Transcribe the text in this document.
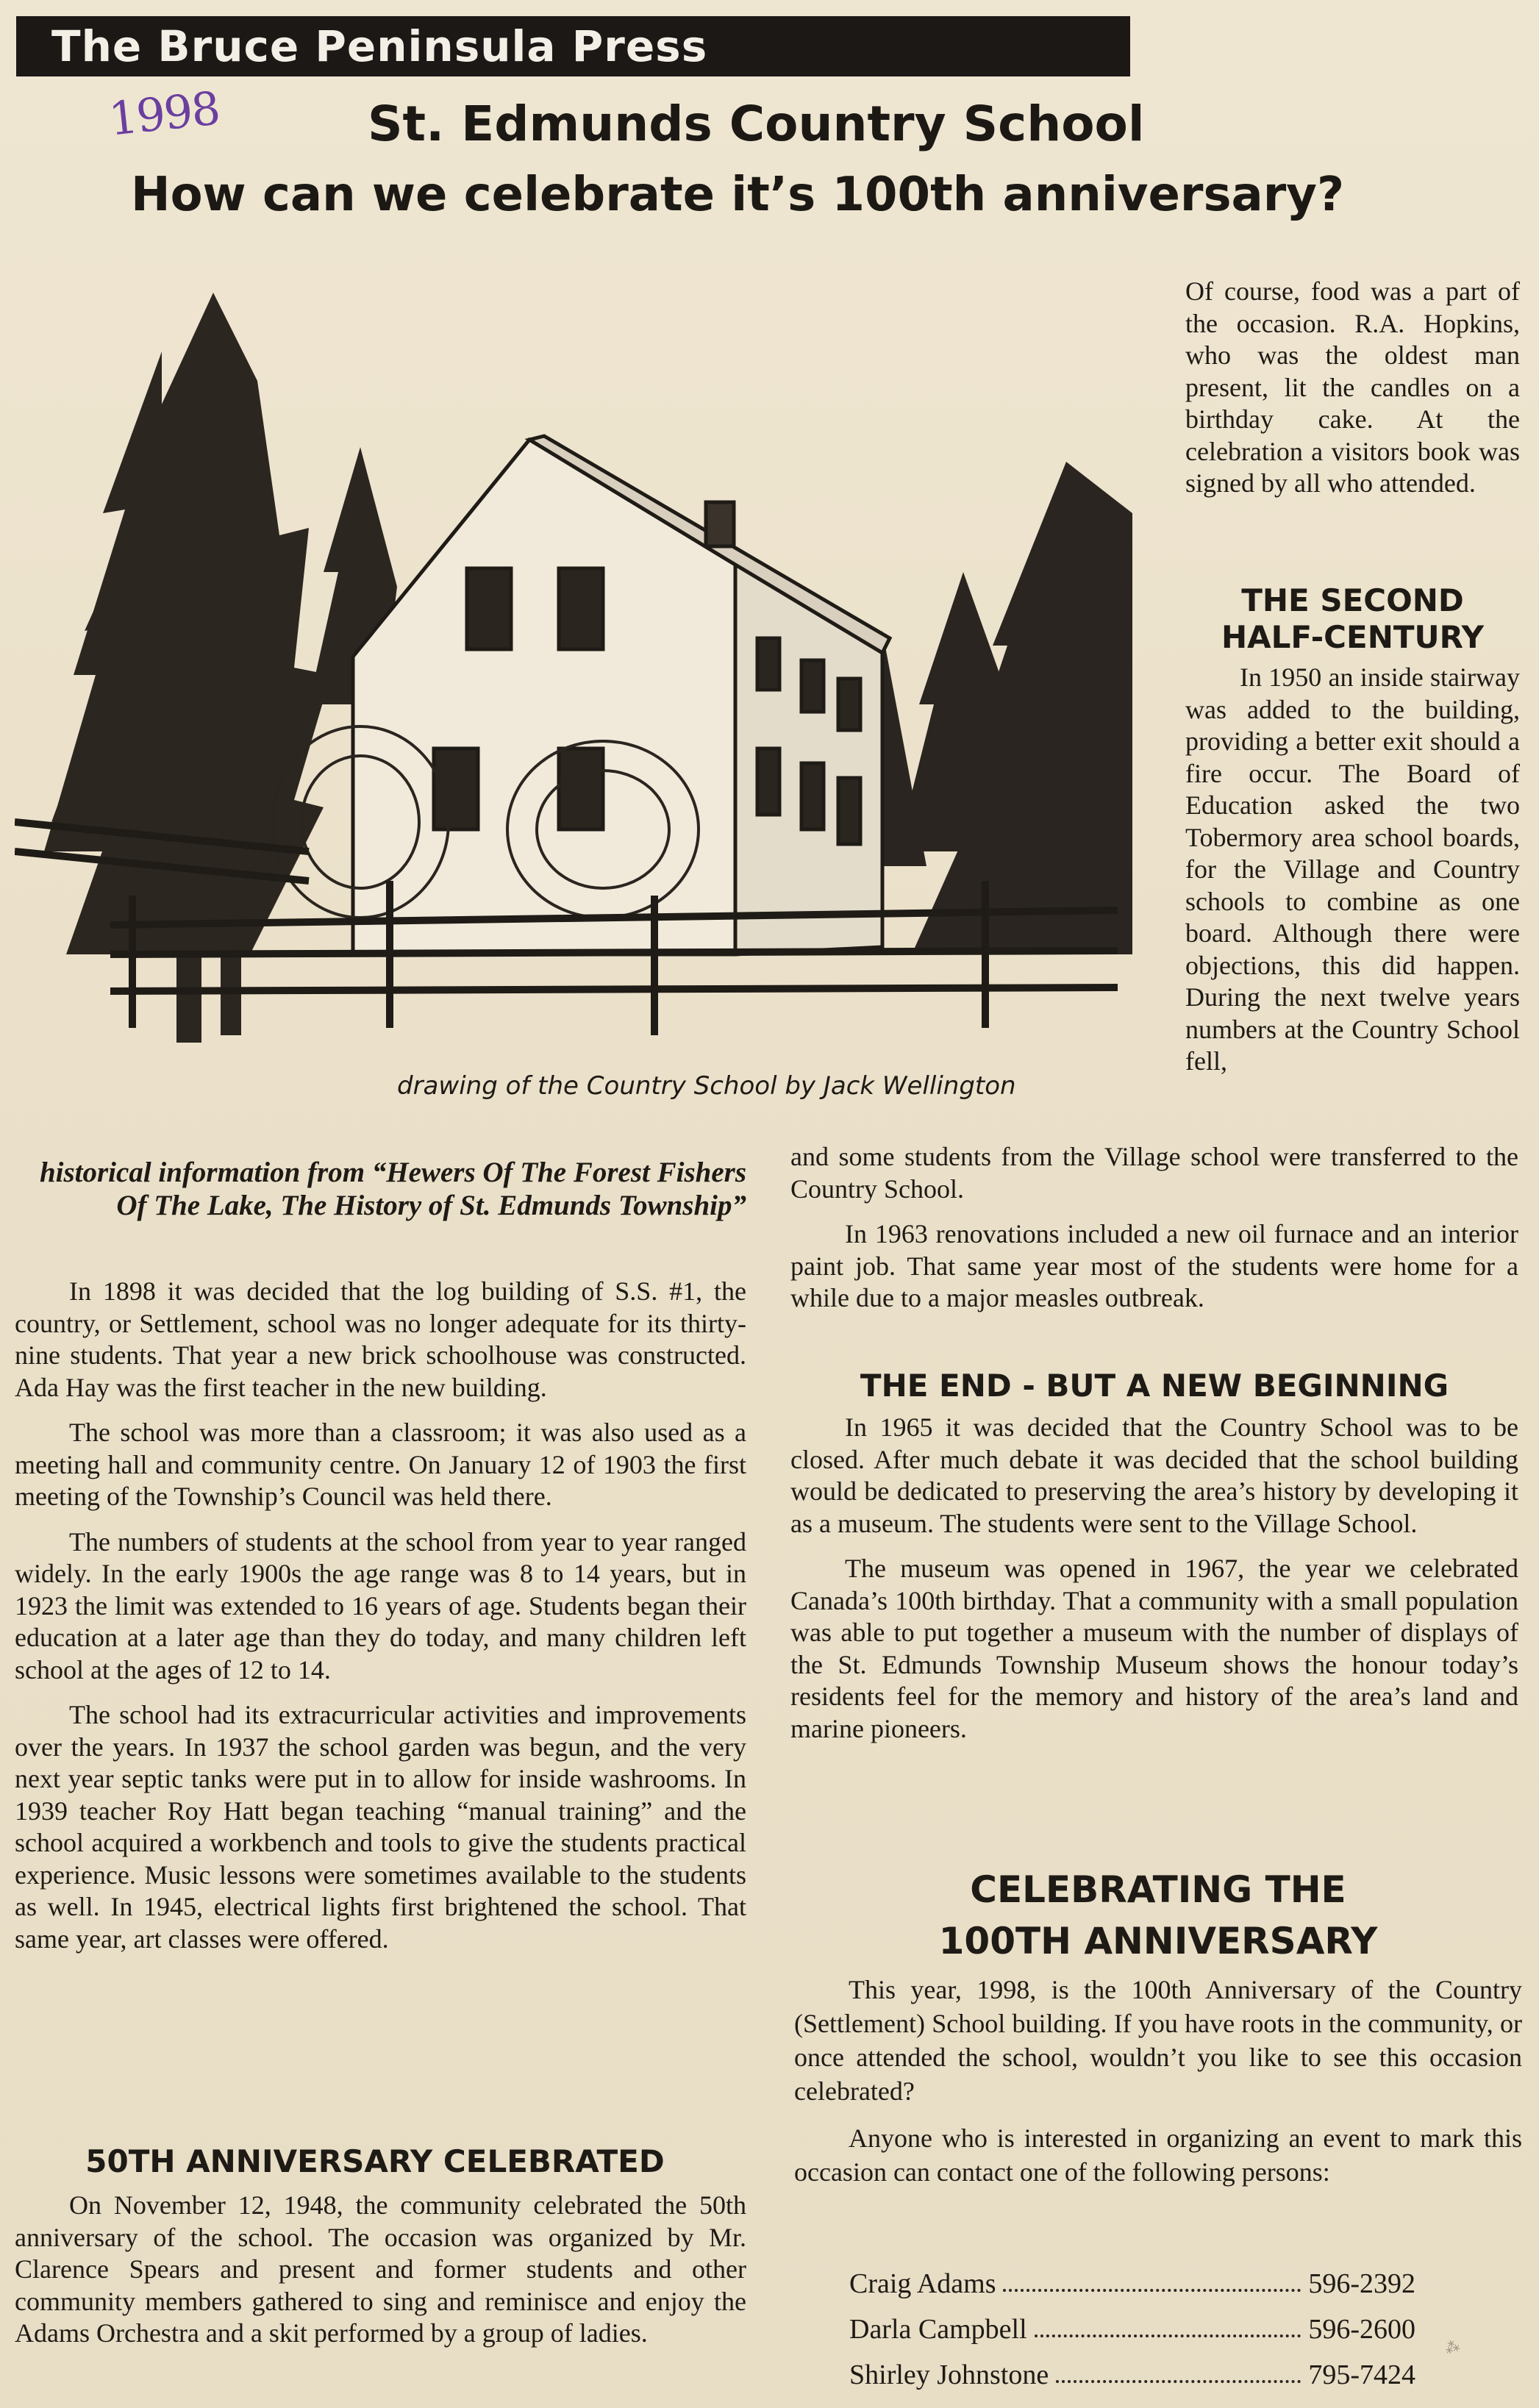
The Bruce Peninsula Press
1998	St. Edmunds Country School
How can we celebrate it’s 100th anniversary?
drawing of the Country School by Jack Wellington

Of course, food was a part of the occasion. R.A. Hopkins, who was the oldest man present, lit the candles on a birthday cake. At the celebration a visitors book was signed by all who attended.

THE SECOND
HALF-CENTURY

In 1950 an inside stairway was added to the building, providing a better exit should a fire occur. The Board of Education asked the two Tobermory area school boards, for the Village and Country schools to combine as one board. Although there were objections, this did happen. During the next twelve years numbers at the Country School fell,

and some students from the Village school were transferred to the Country School.

In 1963 renovations included a new oil furnace and an interior paint job. That same year most of the students were home for a while due to a major measles outbreak.

THE END - BUT A NEW BEGINNING

In 1965 it was decided that the Country School was to be closed. After much debate it was decided that the school building would be dedicated to preserving the area’s history by developing it as a museum. The students were sent to the Village School.

The museum was opened in 1967, the year we celebrated Canada’s 100th birthday. That a community with a small population was able to put together a museum with the number of displays of the St. Edmunds Township Museum shows the honour today’s residents feel for the memory and history of the area’s land and marine pioneers.

CELEBRATING THE
100TH ANNIVERSARY

This year, 1998, is the 100th Anniversary of the Country (Settlement) School building. If you have roots in the community, or once attended the school, wouldn’t you like to see this occasion celebrated?

Anyone who is interested in organizing an event to mark this occasion can contact one of the following persons:

Craig Adams	596-2392
Darla Campbell	596-2600
Shirley Johnstone	795-7424
historical information from “Hewers Of The Forest Fishers Of The Lake, The History of St. Edmunds Township”

In 1898 it was decided that the log building of S.S. #1, the country, or Settlement, school was no longer adequate for its thirty-nine students. That year a new brick schoolhouse was constructed. Ada Hay was the first teacher in the new building.

The school was more than a classroom; it was also used as a meeting hall and community centre. On January 12 of 1903 the first meeting of the Township’s Council was held there.

The numbers of students at the school from year to year ranged widely. In the early 1900s the age range was 8 to 14 years, but in 1923 the limit was extended to 16 years of age. Students began their education at a later age than they do today, and many children left school at the ages of 12 to 14.

The school had its extracurricular activities and improvements over the years. In 1937 the school garden was begun, and the very next year septic tanks were put in to allow for inside washrooms. In 1939 teacher Roy Hatt began teaching “manual training” and the school acquired a workbench and tools to give the students practical experience. Music lessons were sometimes available to the students as well. In 1945, electrical lights first brightened the school. That same year, art classes were offered.

50TH ANNIVERSARY CELEBRATED

On November 12, 1948, the community celebrated the 50th anniversary of the school. The occasion was organized by Mr. Clarence Spears and present and former students and other community members gathered to sing and reminisce and enjoy the Adams Orchestra and a skit performed by a group of ladies.	⁂
